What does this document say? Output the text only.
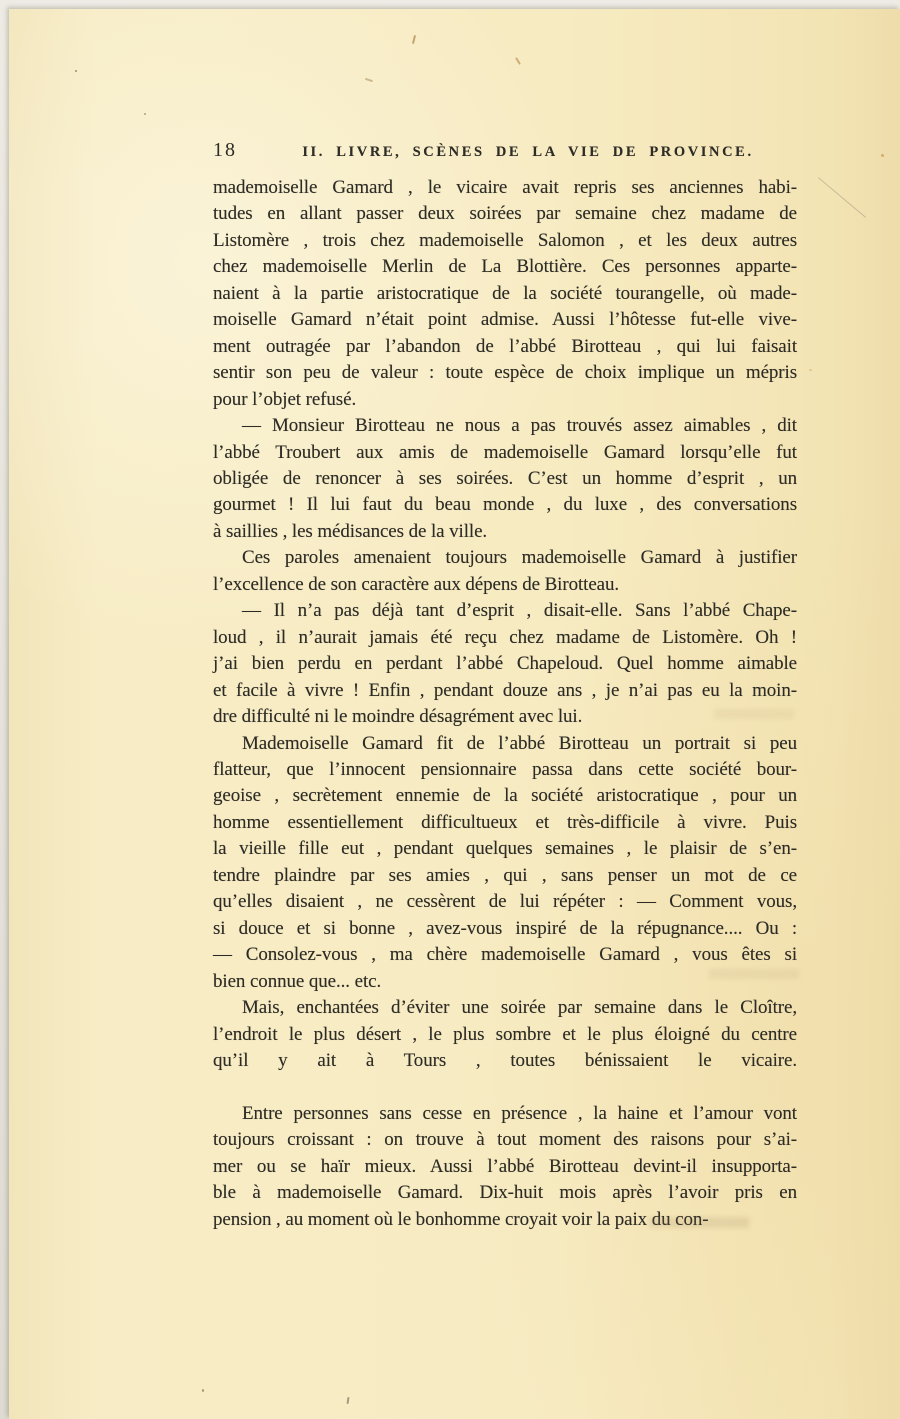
18	II. LIVRE, SCÈNES DE LA VIE DE PROVINCE.
mademoiselle Gamard , le vicaire avait repris ses anciennes habi-
tudes en allant passer deux soirées par semaine chez madame de
Listomère , trois chez mademoiselle Salomon , et les deux autres
chez mademoiselle Merlin de La Blottière. Ces personnes apparte-
naient à la partie aristocratique de la société tourangelle, où made-
moiselle Gamard n’était point admise. Aussi l’hôtesse fut-elle vive-
ment outragée par l’abandon de l’abbé Birotteau , qui lui faisait
sentir son peu de valeur : toute espèce de choix implique un mépris
pour l’objet refusé.
— Monsieur Birotteau ne nous a pas trouvés assez aimables , dit
l’abbé Troubert aux amis de mademoiselle Gamard lorsqu’elle fut
obligée de renoncer à ses soirées. C’est un homme d’esprit , un
gourmet ! Il lui faut du beau monde , du luxe , des conversations
à saillies , les médisances de la ville.
Ces paroles amenaient toujours mademoiselle Gamard à justifier
l’excellence de son caractère aux dépens de Birotteau.
— Il n’a pas déjà tant d’esprit , disait-elle. Sans l’abbé Chape-
loud , il n’aurait jamais été reçu chez madame de Listomère. Oh !
j’ai bien perdu en perdant l’abbé Chapeloud. Quel homme aimable
et facile à vivre ! Enfin , pendant douze ans , je n’ai pas eu la moin-
dre difficulté ni le moindre désagrément avec lui.
Mademoiselle Gamard fit de l’abbé Birotteau un portrait si peu
flatteur, que l’innocent pensionnaire passa dans cette société bour-
geoise , secrètement ennemie de la société aristocratique , pour un
homme essentiellement difficultueux et très-difficile à vivre. Puis
la vieille fille eut , pendant quelques semaines , le plaisir de s’en-
tendre plaindre par ses amies , qui , sans penser un mot de ce
qu’elles disaient , ne cessèrent de lui répéter : — Comment vous,
si douce et si bonne , avez-vous inspiré de la répugnance.... Ou :
— Consolez-vous , ma chère mademoiselle Gamard , vous êtes si
bien connue que... etc.
Mais, enchantées d’éviter une soirée par semaine dans le Cloître,
l’endroit le plus désert , le plus sombre et le plus éloigné du centre
qu’il y ait à Tours , toutes bénissaient le vicaire.

Entre personnes sans cesse en présence , la haine et l’amour vont
toujours croissant : on trouve à tout moment des raisons pour s’ai-
mer ou se haïr mieux. Aussi l’abbé Birotteau devint-il insupporta-
ble à mademoiselle Gamard. Dix-huit mois après l’avoir pris en
pension , au moment où le bonhomme croyait voir la paix du con-
